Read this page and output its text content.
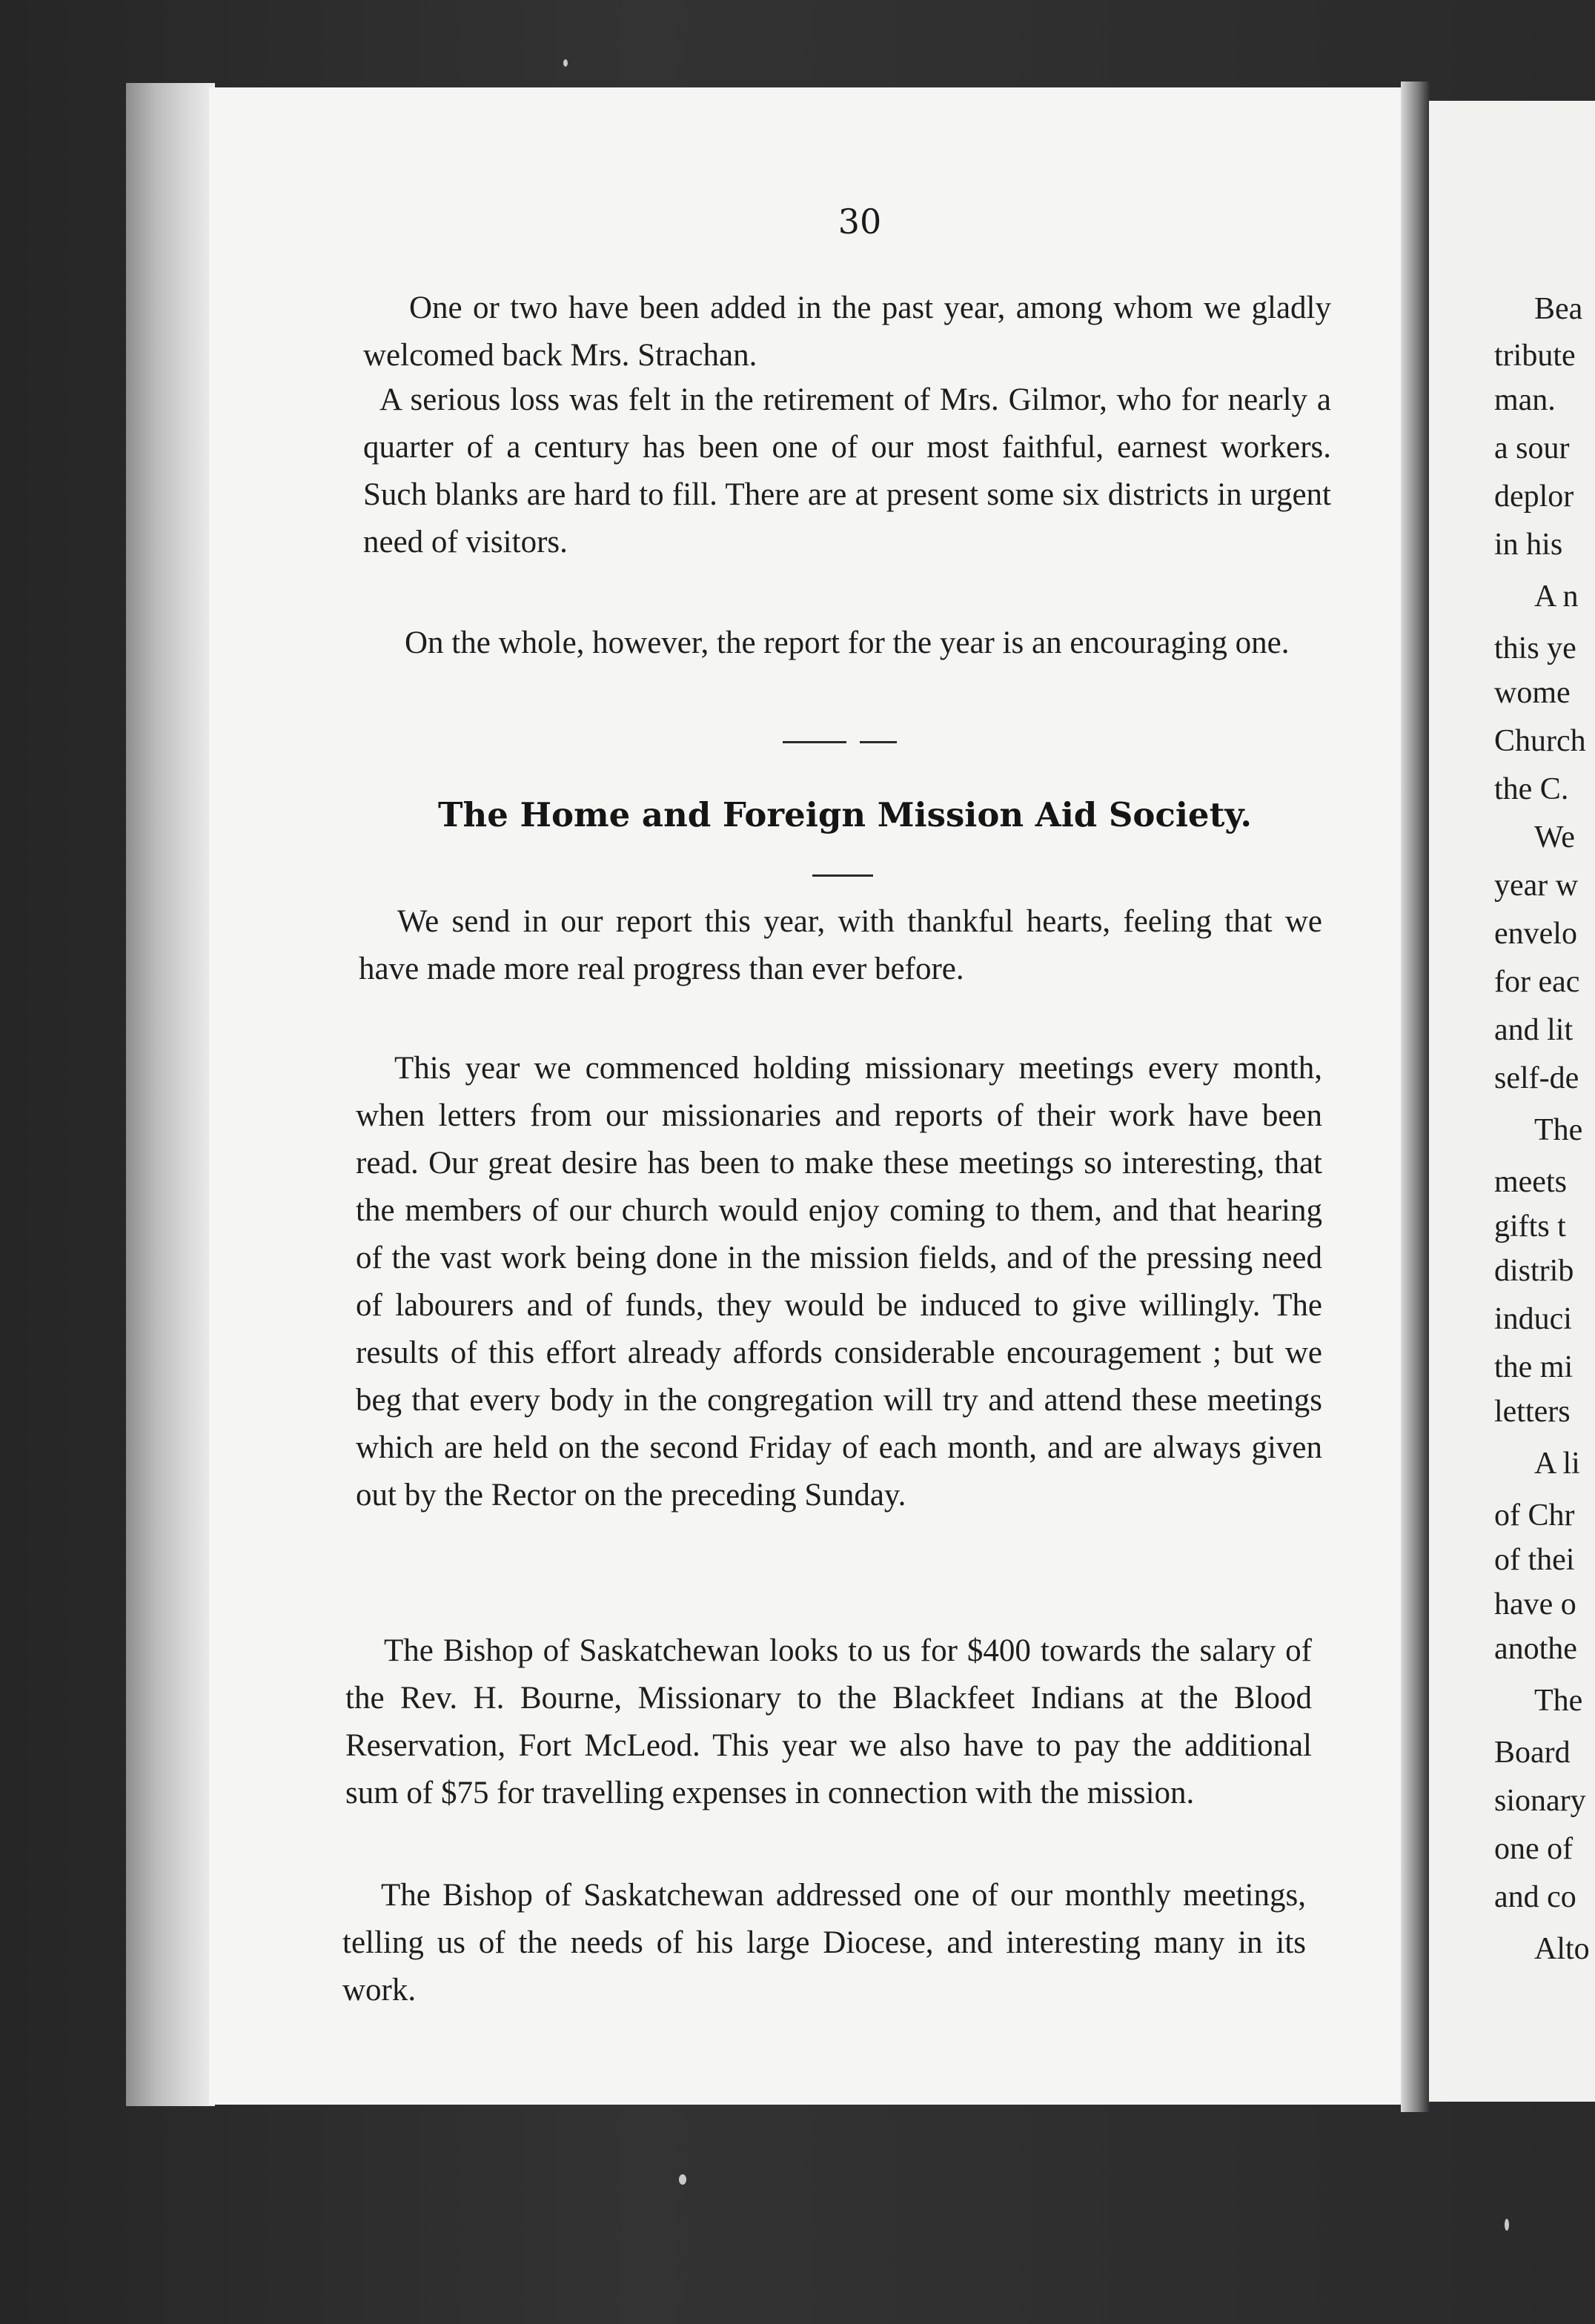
30

One or two have been added in the past year, among whom we gladly welcomed back Mrs. Strachan.

A serious loss was felt in the retirement of Mrs. Gilmor, who for nearly a quarter of a century has been one of our most faithful, earnest workers. Such blanks are hard to fill. There are at present some six districts in urgent need of visitors.

On the whole, however, the report for the year is an encouraging one.

The Home and Foreign Mission Aid Society.

We send in our report this year, with thankful hearts, feeling that we have made more real progress than ever before.

This year we commenced holding missionary meetings every month, when letters from our missionaries and reports of their work have been read. Our great desire has been to make these meetings so interesting, that the members of our church would enjoy coming to them, and that hearing of the vast work being done in the mission fields, and of the pressing need of labourers and of funds, they would be induced to give willingly. The results of this effort already affords considerable encouragement ; but we beg that every body in the congregation will try and attend these meetings which are held on the second Friday of each month, and are always given out by the Rector on the preceding Sunday.

The Bishop of Saskatchewan looks to us for $400 towards the salary of the Rev. H. Bourne, Missionary to the Blackfeet Indians at the Blood Reservation, Fort McLeod. This year we also have to pay the additional sum of $75 for travelling expenses in connection with the mission.

The Bishop of Saskatchewan addressed one of our monthly meetings, telling us of the needs of his large Diocese, and interesting many in its work.

Bea
tribute
man.
a sour
deplor
in his
A n
this ye
wome
Church
the C.
We
year w
envelo
for eac
and lit
self-de
The
meets
gifts t
distrib
induci
the mi
letters
A li
of Chr
of thei
have o
anothe
The
Board
sionary
one of
and co
Alto
